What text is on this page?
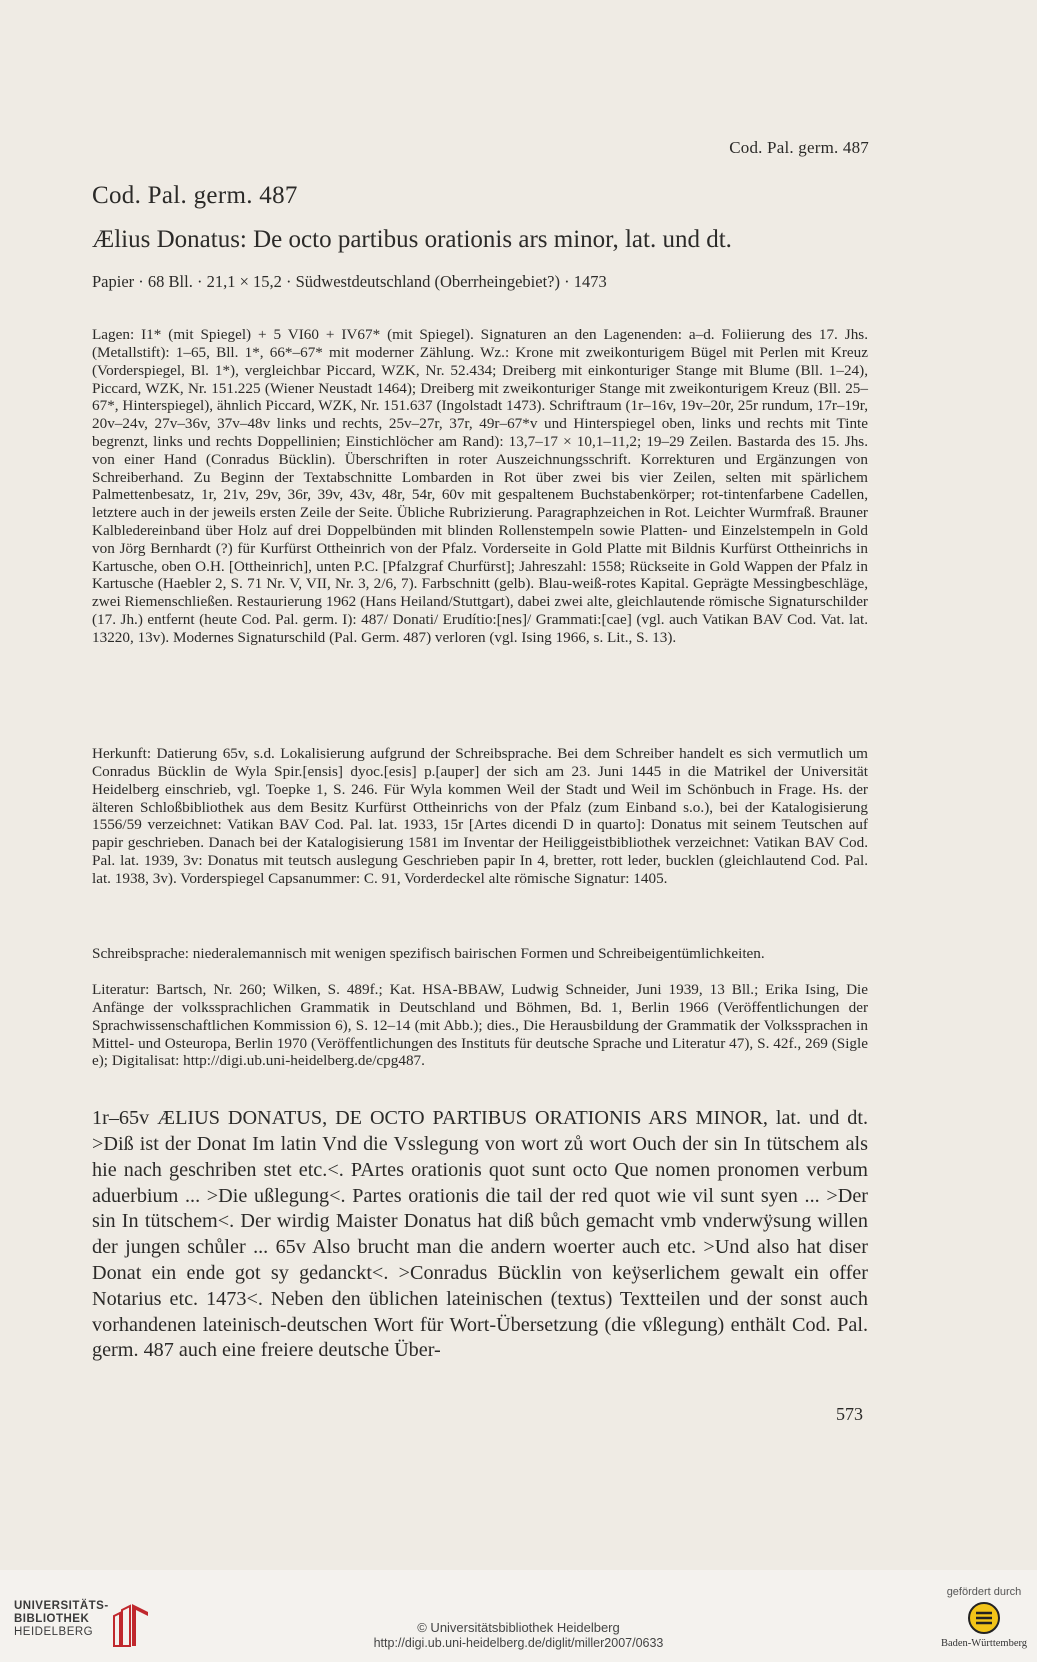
Cod. Pal. germ. 487
Cod. Pal. germ. 487
Ælius Donatus: De octo partibus orationis ars minor, lat. und dt.
Papier · 68 Bll. · 21,1 × 15,2 · Südwestdeutschland (Oberrheingebiet?) · 1473

Lagen: I1* (mit Spiegel) + 5 VI60 + IV67* (mit Spiegel). Signaturen an den Lagenenden: a–d. Foliierung des 17. Jhs. (Metallstift): 1–65, Bll. 1*, 66*–67* mit moderner Zählung. Wz.: Krone mit zweikonturigem Bügel mit Perlen mit Kreuz (Vorderspiegel, Bl. 1*), vergleichbar Piccard, WZK, Nr. 52.434; Dreiberg mit einkonturiger Stange mit Blume (Bll. 1–24), Piccard, WZK, Nr. 151.225 (Wiener Neustadt 1464); Dreiberg mit zweikonturiger Stange mit zweikonturigem Kreuz (Bll. 25–67*, Hinterspiegel), ähnlich Piccard, WZK, Nr. 151.637 (Ingolstadt 1473). Schriftraum (1r–16v, 19v–20r, 25r rundum, 17r–19r, 20v–24v, 27v–36v, 37v–48v links und rechts, 25v–27r, 37r, 49r–67*v und Hinterspiegel oben, links und rechts mit Tinte begrenzt, links und rechts Doppellinien; Einstichlöcher am Rand): 13,7–17 × 10,1–11,2; 19–29 Zeilen. Bastarda des 15. Jhs. von einer Hand (Conradus Bücklin). Überschriften in roter Auszeichnungsschrift. Korrekturen und Ergänzungen von Schreiberhand. Zu Beginn der Textabschnitte Lombarden in Rot über zwei bis vier Zeilen, selten mit spärlichem Palmettenbesatz, 1r, 21v, 29v, 36r, 39v, 43v, 48r, 54r, 60v mit gespaltenem Buchstabenkörper; rot-tintenfarbene Cadellen, letztere auch in der jeweils ersten Zeile der Seite. Übliche Rubrizierung. Paragraphzeichen in Rot. Leichter Wurmfraß. Brauner Kalblederеinband über Holz auf drei Doppelbünden mit blinden Rollenstempeln sowie Platten- und Einzelstempeln in Gold von Jörg Bernhardt (?) für Kurfürst Ottheinrich von der Pfalz. Vorderseite in Gold Platte mit Bildnis Kurfürst Ottheinrichs in Kartusche, oben O.H. [Ottheinrich], unten P.C. [Pfalzgraf Churfürst]; Jahreszahl: 1558; Rückseite in Gold Wappen der Pfalz in Kartusche (Haebler 2, S. 71 Nr. V, VII, Nr. 3, 2/6, 7). Farbschnitt (gelb). Blau-weiß-rotes Kapital. Geprägte Messingbeschläge, zwei Riemenschließen. Restaurierung 1962 (Hans Heiland/Stuttgart), dabei zwei alte, gleichlautende römische Signaturschilder (17. Jh.) entfernt (heute Cod. Pal. germ. I): 487/ Donati/ Erudítio:[nes]/ Grammati:[cae] (vgl. auch Vatikan BAV Cod. Vat. lat. 13220, 13v). Modernes Signaturschild (Pal. Germ. 487) verloren (vgl. Ising 1966, s. Lit., S. 13).

Herkunft: Datierung 65v, s.d. Lokalisierung aufgrund der Schreibsprache. Bei dem Schreiber handelt es sich vermutlich um Conradus Bücklin de Wyla Spir.[ensis] dyoc.[esis] p.[auper] der sich am 23. Juni 1445 in die Matrikel der Universität Heidelberg einschrieb, vgl. Toepke 1, S. 246. Für Wyla kommen Weil der Stadt und Weil im Schönbuch in Frage. Hs. der älteren Schloßbibliothek aus dem Besitz Kurfürst Ottheinrichs von der Pfalz (zum Einband s.o.), bei der Katalogisierung 1556/59 verzeichnet: Vatikan BAV Cod. Pal. lat. 1933, 15r [Artes dicendi D in quarto]: Donatus mit seinem Teutschen auf papir geschrieben. Danach bei der Katalogisierung 1581 im Inventar der Heiliggeistbibliothek verzeichnet: Vatikan BAV Cod. Pal. lat. 1939, 3v: Donatus mit teutsch auslegung Geschrieben papir In 4, bretter, rott leder, bucklen (gleichlautend Cod. Pal. lat. 1938, 3v). Vorderspiegel Capsanummer: C. 91, Vorderdeckel alte römische Signatur: 1405.

Schreibsprache: niederalemannisch mit wenigen spezifisch bairischen Formen und Schreibeigentümlichkeiten.

Literatur: Bartsch, Nr. 260; Wilken, S. 489f.; Kat. HSA-BBAW, Ludwig Schneider, Juni 1939, 13 Bll.; Erika Ising, Die Anfänge der volkssprachlichen Grammatik in Deutschland und Böhmen, Bd. 1, Berlin 1966 (Veröffentlichungen der Sprachwissenschaftlichen Kommission 6), S. 12–14 (mit Abb.); dies., Die Herausbildung der Grammatik der Volkssprachen in Mittel- und Osteuropa, Berlin 1970 (Veröffentlichungen des Instituts für deutsche Sprache und Literatur 47), S. 42f., 269 (Sigle e); Digitalisat: http://digi.ub.uni-heidelberg.de/cpg487.

1r–65v ÆLIUS DONATUS, DE OCTO PARTIBUS ORATIONIS ARS MINOR, lat. und dt. >Diß ist der Donat Im latin Vnd die Vsslegung von wort zů wort Ouch der sin In tütschem als hie nach geschriben stet etc.<. PArtes orationis quot sunt octo Que nomen pronomen verbum aduerbium ... >Die ußlegung<. Partes orationis die tail der red quot wie vil sunt syen ... >Der sin In tütschem<. Der wirdig Maister Donatus hat diß bůch gemacht vmb vnderwÿsung willen der jungen schůler ... 65v Also brucht man die andern woerter auch etc. >Und also hat diser Donat ein ende got sy gedanckt<. >Conradus Bücklin von keÿserlichem gewalt ein offer Notarius etc. 1473<. Neben den üblichen lateinischen (textus) Textteilen und der sonst auch vorhandenen lateinisch-deutschen Wort für Wort-Übersetzung (die vßlegung) enthält Cod. Pal. germ. 487 auch eine freiere deutsche Über-

573
UNIVERSITÄTS-
BIBLIOTHEK
HEIDELBERG	© Universitätsbibliothek Heidelberg
http://digi.ub.uni-heidelberg.de/diglit/miller2007/0633
gefördert durch
Baden-Württemberg
